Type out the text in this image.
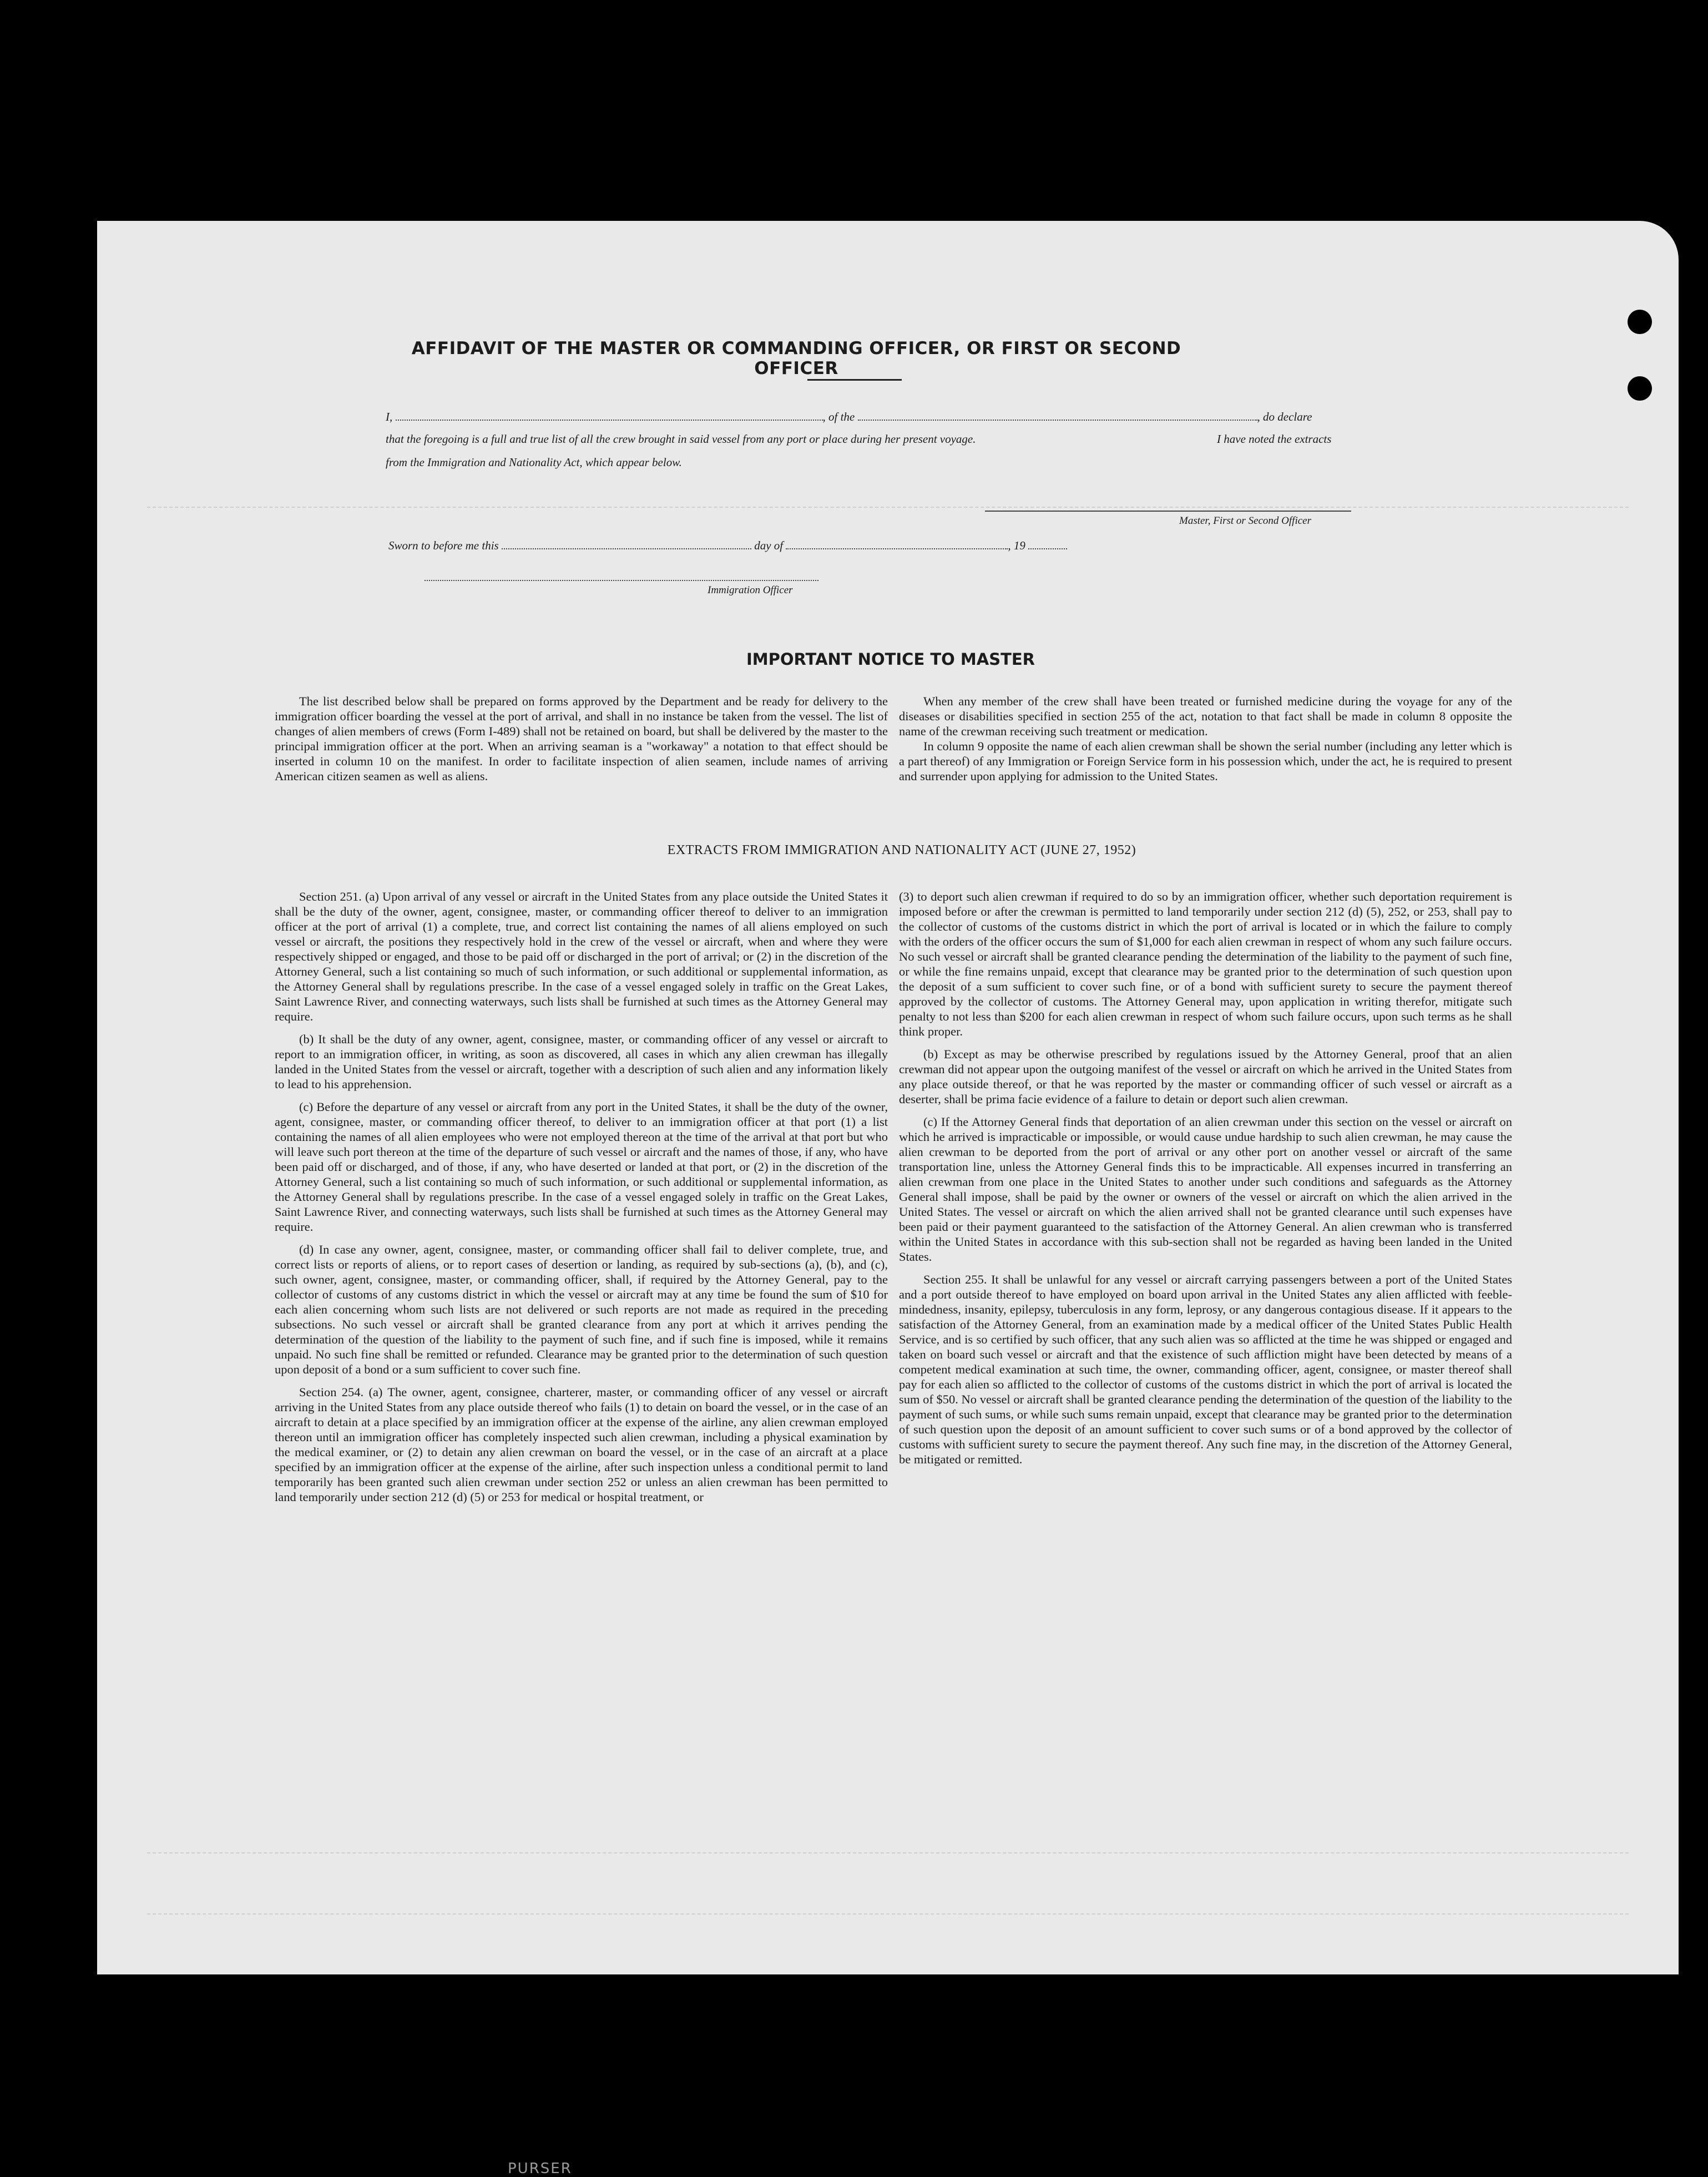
AFFIDAVIT OF THE MASTER OR COMMANDING OFFICER, OR FIRST OR SECOND OFFICER
I,	, of the	, do declare
that the foregoing is a full and true list of all the crew brought in said vessel from any port or place during her present voyage.	I have noted the extracts
from the Immigration and Nationality Act, which appear below.
Master, First or Second Officer
Sworn to before me this	day of	, 19
Immigration Officer
IMPORTANT NOTICE TO MASTER

The list described below shall be prepared on forms approved by the Department and be ready for delivery to the immigration officer boarding the vessel at the port of arrival, and shall in no instance be taken from the vessel. The list of changes of alien members of crews (Form I-489) shall not be retained on board, but shall be delivered by the master to the principal immigration officer at the port. When an arriving seaman is a "workaway" a notation to that effect should be inserted in column 10 on the manifest. In order to facilitate inspection of alien seamen, include names of arriving American citizen seamen as well as aliens.

When any member of the crew shall have been treated or furnished medicine during the voyage for any of the diseases or disabilities specified in section 255 of the act, notation to that fact shall be made in column 8 opposite the name of the crewman receiving such treatment or medication.

In column 9 opposite the name of each alien crewman shall be shown the serial number (including any letter which is a part thereof) of any Immigration or Foreign Service form in his possession which, under the act, he is required to present and surrender upon applying for admission to the United States.

EXTRACTS FROM IMMIGRATION AND NATIONALITY ACT (JUNE 27, 1952)

Section 251. (a) Upon arrival of any vessel or aircraft in the United States from any place outside the United States it shall be the duty of the owner, agent, consignee, master, or commanding officer thereof to deliver to an immigration officer at the port of arrival (1) a complete, true, and correct list containing the names of all aliens employed on such vessel or aircraft, the positions they respectively hold in the crew of the vessel or aircraft, when and where they were respectively shipped or engaged, and those to be paid off or discharged in the port of arrival; or (2) in the discretion of the Attorney General, such a list containing so much of such information, or such additional or supplemental information, as the Attorney General shall by regulations prescribe. In the case of a vessel engaged solely in traffic on the Great Lakes, Saint Lawrence River, and connecting waterways, such lists shall be furnished at such times as the Attorney General may require.

(b) It shall be the duty of any owner, agent, consignee, master, or commanding officer of any vessel or aircraft to report to an immigration officer, in writing, as soon as discovered, all cases in which any alien crewman has illegally landed in the United States from the vessel or aircraft, together with a description of such alien and any information likely to lead to his apprehension.

(c) Before the departure of any vessel or aircraft from any port in the United States, it shall be the duty of the owner, agent, consignee, master, or commanding officer thereof, to deliver to an immigration officer at that port (1) a list containing the names of all alien employees who were not employed thereon at the time of the arrival at that port but who will leave such port thereon at the time of the departure of such vessel or aircraft and the names of those, if any, who have been paid off or discharged, and of those, if any, who have deserted or landed at that port, or (2) in the discretion of the Attorney General, such a list containing so much of such information, or such additional or supplemental information, as the Attorney General shall by regulations prescribe. In the case of a vessel engaged solely in traffic on the Great Lakes, Saint Lawrence River, and connecting waterways, such lists shall be furnished at such times as the Attorney General may require.

(d) In case any owner, agent, consignee, master, or commanding officer shall fail to deliver complete, true, and correct lists or reports of aliens, or to report cases of desertion or landing, as required by sub-sections (a), (b), and (c), such owner, agent, consignee, master, or commanding officer, shall, if required by the Attorney General, pay to the collector of customs of any customs district in which the vessel or aircraft may at any time be found the sum of $10 for each alien concerning whom such lists are not delivered or such reports are not made as required in the preceding subsections. No such vessel or aircraft shall be granted clearance from any port at which it arrives pending the determination of the question of the liability to the payment of such fine, and if such fine is imposed, while it remains unpaid. No such fine shall be remitted or refunded. Clearance may be granted prior to the determination of such question upon deposit of a bond or a sum sufficient to cover such fine.

Section 254. (a) The owner, agent, consignee, charterer, master, or commanding officer of any vessel or aircraft arriving in the United States from any place outside thereof who fails (1) to detain on board the vessel, or in the case of an aircraft to detain at a place specified by an immigration officer at the expense of the airline, any alien crewman employed thereon until an immigration officer has completely inspected such alien crewman, including a physical examination by the medical examiner, or (2) to detain any alien crewman on board the vessel, or in the case of an aircraft at a place specified by an immigration officer at the expense of the airline, after such inspection unless a conditional permit to land temporarily has been granted such alien crewman under section 252 or unless an alien crewman has been permitted to land temporarily under section 212 (d) (5) or 253 for medical or hospital treatment, or

(3) to deport such alien crewman if required to do so by an immigration officer, whether such deportation requirement is imposed before or after the crewman is permitted to land temporarily under section 212 (d) (5), 252, or 253, shall pay to the collector of customs of the customs district in which the port of arrival is located or in which the failure to comply with the orders of the officer occurs the sum of $1,000 for each alien crewman in respect of whom any such failure occurs. No such vessel or aircraft shall be granted clearance pending the determination of the liability to the payment of such fine, or while the fine remains unpaid, except that clearance may be granted prior to the determination of such question upon the deposit of a sum sufficient to cover such fine, or of a bond with sufficient surety to secure the payment thereof approved by the collector of customs. The Attorney General may, upon application in writing therefor, mitigate such penalty to not less than $200 for each alien crewman in respect of whom such failure occurs, upon such terms as he shall think proper.

(b) Except as may be otherwise prescribed by regulations issued by the Attorney General, proof that an alien crewman did not appear upon the outgoing manifest of the vessel or aircraft on which he arrived in the United States from any place outside thereof, or that he was reported by the master or commanding officer of such vessel or aircraft as a deserter, shall be prima facie evidence of a failure to detain or deport such alien crewman.

(c) If the Attorney General finds that deportation of an alien crewman under this section on the vessel or aircraft on which he arrived is impracticable or impossible, or would cause undue hardship to such alien crewman, he may cause the alien crewman to be deported from the port of arrival or any other port on another vessel or aircraft of the same transportation line, unless the Attorney General finds this to be impracticable. All expenses incurred in transferring an alien crewman from one place in the United States to another under such conditions and safeguards as the Attorney General shall impose, shall be paid by the owner or owners of the vessel or aircraft on which the alien arrived in the United States. The vessel or aircraft on which the alien arrived shall not be granted clearance until such expenses have been paid or their payment guaranteed to the satisfaction of the Attorney General. An alien crewman who is transferred within the United States in accordance with this sub-section shall not be regarded as having been landed in the United States.

Section 255. It shall be unlawful for any vessel or aircraft carrying passengers between a port of the United States and a port outside thereof to have employed on board upon arrival in the United States any alien afflicted with feeble-mindedness, insanity, epilepsy, tuberculosis in any form, leprosy, or any dangerous contagious disease. If it appears to the satisfaction of the Attorney General, from an examination made by a medical officer of the United States Public Health Service, and is so certified by such officer, that any such alien was so afflicted at the time he was shipped or engaged and taken on board such vessel or aircraft and that the existence of such affliction might have been detected by means of a competent medical examination at such time, the owner, commanding officer, agent, consignee, or master thereof shall pay for each alien so afflicted to the collector of customs of the customs district in which the port of arrival is located the sum of $50. No vessel or aircraft shall be granted clearance pending the determination of the question of the liability to the payment of such sums, or while such sums remain unpaid, except that clearance may be granted prior to the determination of such question upon the deposit of an amount sufficient to cover such sums or of a bond approved by the collector of customs with sufficient surety to secure the payment thereof. Any such fine may, in the discretion of the Attorney General, be mitigated or remitted.

PURSER
